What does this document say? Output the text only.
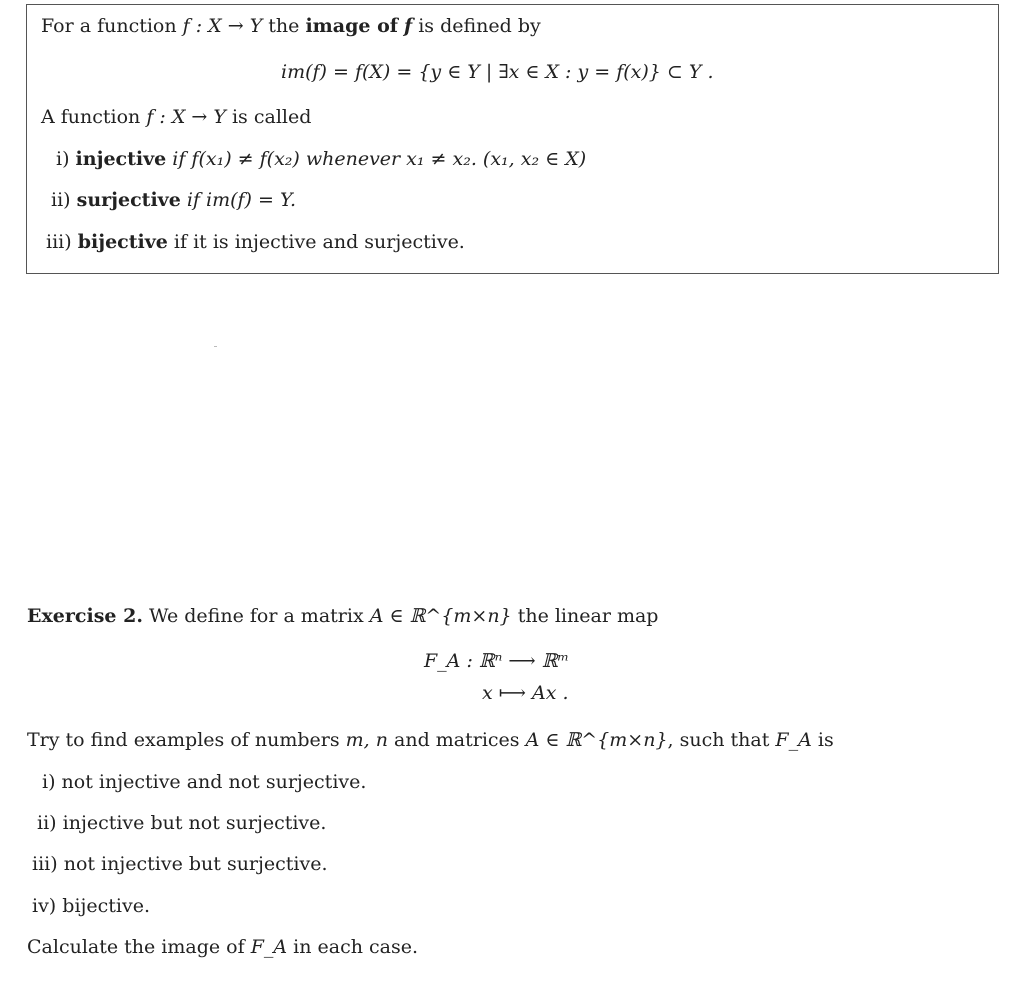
For a function f : X → Y the image of f is defined by
im(f) = f(X) = {y ∈ Y | ∃x ∈ X : y = f(x)} ⊂ Y .
A function f : X → Y is called
i) injective if f(x₁) ≠ f(x₂) whenever x₁ ≠ x₂. (x₁, x₂ ∈ X)
ii) surjective if im(f) = Y.
iii) bijective if it is injective and surjective.
Exercise 2. We define for a matrix A ∈ ℝ^{m×n} the linear map
F_A : ℝⁿ ⟶ ℝᵐ
x ⟼ Ax .
Try to find examples of numbers m, n and matrices A ∈ ℝ^{m×n}, such that F_A is
i) not injective and not surjective.
ii) injective but not surjective.
iii) not injective but surjective.
iv) bijective.
Calculate the image of F_A in each case.
